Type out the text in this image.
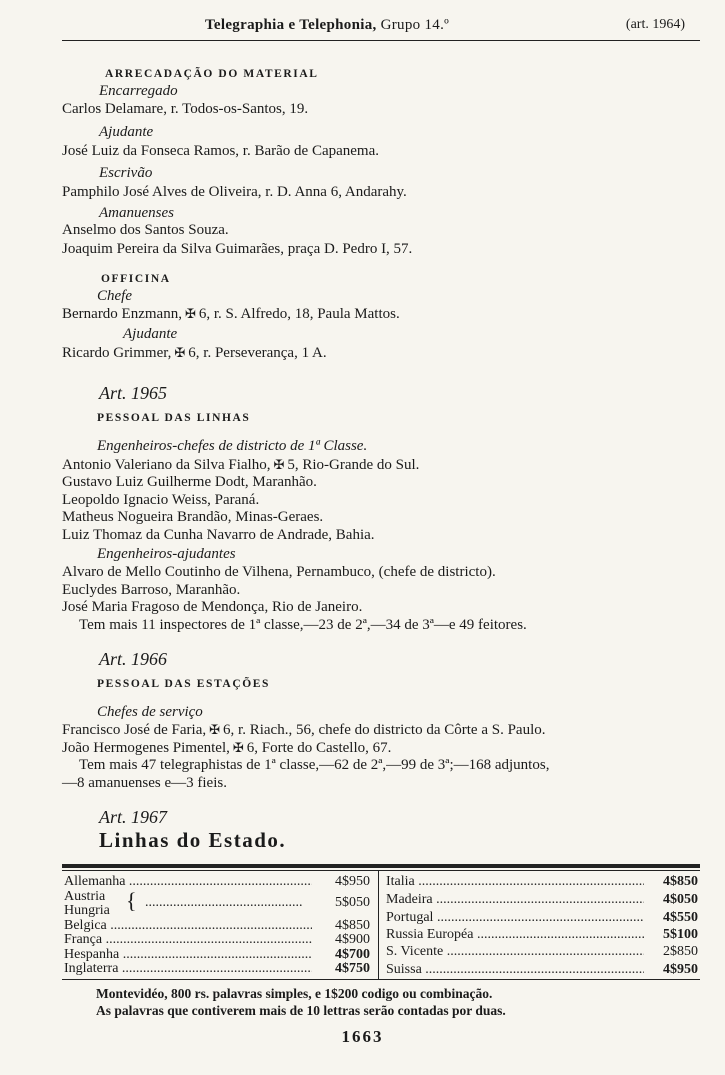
Telegraphia e Telephonia, Grupo 14.º	(art. 1964)
ARRECADAÇÃO DO MATERIAL
Encarregado
Carlos Delamare, r. Todos-os-Santos, 19.
Ajudante
José Luiz da Fonseca Ramos, r. Barão de Capanema.
Escrivão
Pamphilo José Alves de Oliveira, r. D. Anna 6, Andarahy.
Amanuenses
Anselmo dos Santos Souza.
Joaquim Pereira da Silva Guimarães, praça D. Pedro I, 57.
OFFICINA
Chefe
Bernardo Enzmann, ✠ 6, r. S. Alfredo, 18, Paula Mattos.
Ajudante
Ricardo Grimmer, ✠ 6, r. Perseverança, 1 A.
Art. 1965
PESSOAL DAS LINHAS
Engenheiros-chefes de districto de 1ª Classe.
Antonio Valeriano da Silva Fialho, ✠ 5, Rio-Grande do Sul.
Gustavo Luiz Guilherme Dodt, Maranhão.
Leopoldo Ignacio Weiss, Paraná.
Matheus Nogueira Brandão, Minas-Geraes.
Luiz Thomaz da Cunha Navarro de Andrade, Bahia.
Engenheiros-ajudantes
Alvaro de Mello Coutinho de Vilhena, Pernambuco, (chefe de districto).
Euclydes Barroso, Maranhão.
José Maria Fragoso de Mendonça, Rio de Janeiro.
Tem mais 11 inspectores de 1ª classe,—23 de 2ª,—34 de 3ª—e 49 feitores.
Art. 1966
PESSOAL DAS ESTAÇÕES
Chefes de serviço
Francisco José de Faria, ✠ 6, r. Riach., 56, chefe do districto da Côrte a S. Paulo.
João Hermogenes Pimentel, ✠ 6, Forte do Castello, 67.
Tem mais 47 telegraphistas de 1ª classe,—62 de 2ª,—99 de 3ª;—168 adjuntos,
—8 amanuenses e—3 fieis.
Art. 1967
Linhas do Estado.
Allemanha .....	4$950
Austria
Hungria { .............................................	5$050
Belgica .....	4$850
França .....	4$900
Hespanha .....	4$700
Inglaterra .....	4$750
Italia .....	4$850
Madeira .....	4$050
Portugal .....	4$550
Russia Européa .....	5$100
S. Vicente .....	2$850
Suissa .....	4$950
Montevidéo, 800 rs. palavras simples, e 1$200 codigo ou combinação.
As palavras que contiverem mais de 10 lettras serão contadas por duas.
1663
